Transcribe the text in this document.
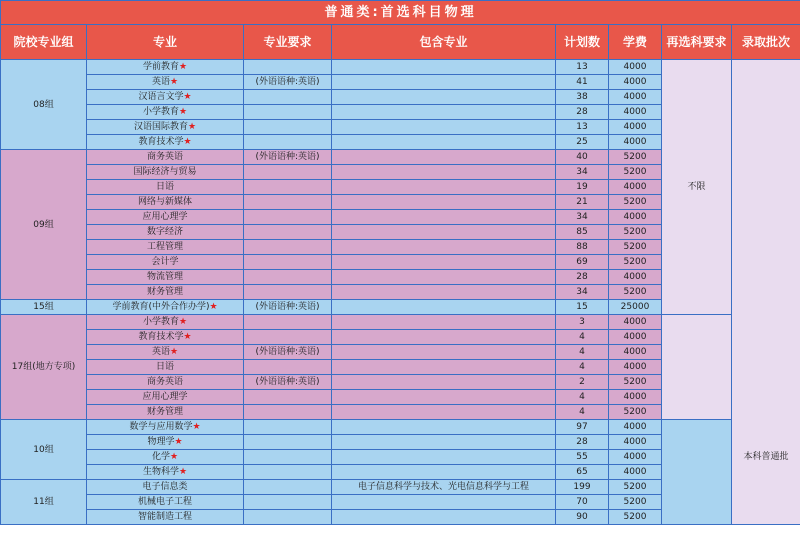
普通类:首选科目物理							
院校专业组	专业	专业要求	包含专业	计划数	学费	再选科要求	录取批次
08组	学前教育★			13	4000	不限	本科普通批
	英语★	(外语语种:英语)		41	4000		
	汉语言文学★			38	4000		
	小学教育★			28	4000		
	汉语国际教育★			13	4000		
	教育技术学★			25	4000		
09组	商务英语	(外语语种:英语)		40	5200		
	国际经济与贸易			34	5200		
	日语			19	4000		
	网络与新媒体			21	5200		
	应用心理学			34	4000		
	数字经济			85	5200		
	工程管理			88	5200		
	会计学			69	5200		
	物流管理			28	4000		
	财务管理			34	5200		
15组	学前教育(中外合作办学)★	(外语语种:英语)		15	25000		
17组(地方专项)	小学教育★			3	4000		
	教育技术学★			4	4000		
	英语★	(外语语种:英语)		4	4000		
	日语			4	4000		
	商务英语	(外语语种:英语)		2	5200		
	应用心理学			4	4000		
	财务管理			4	5200		
10组	数学与应用数学★			97	4000		
	物理学★			28	4000		
	化学★			55	4000		
	生物科学★			65	4000		
11组	电子信息类		电子信息科学与技术、光电信息科学与工程	199	5200		
	机械电子工程			70	5200		
	智能制造工程			90	5200		
